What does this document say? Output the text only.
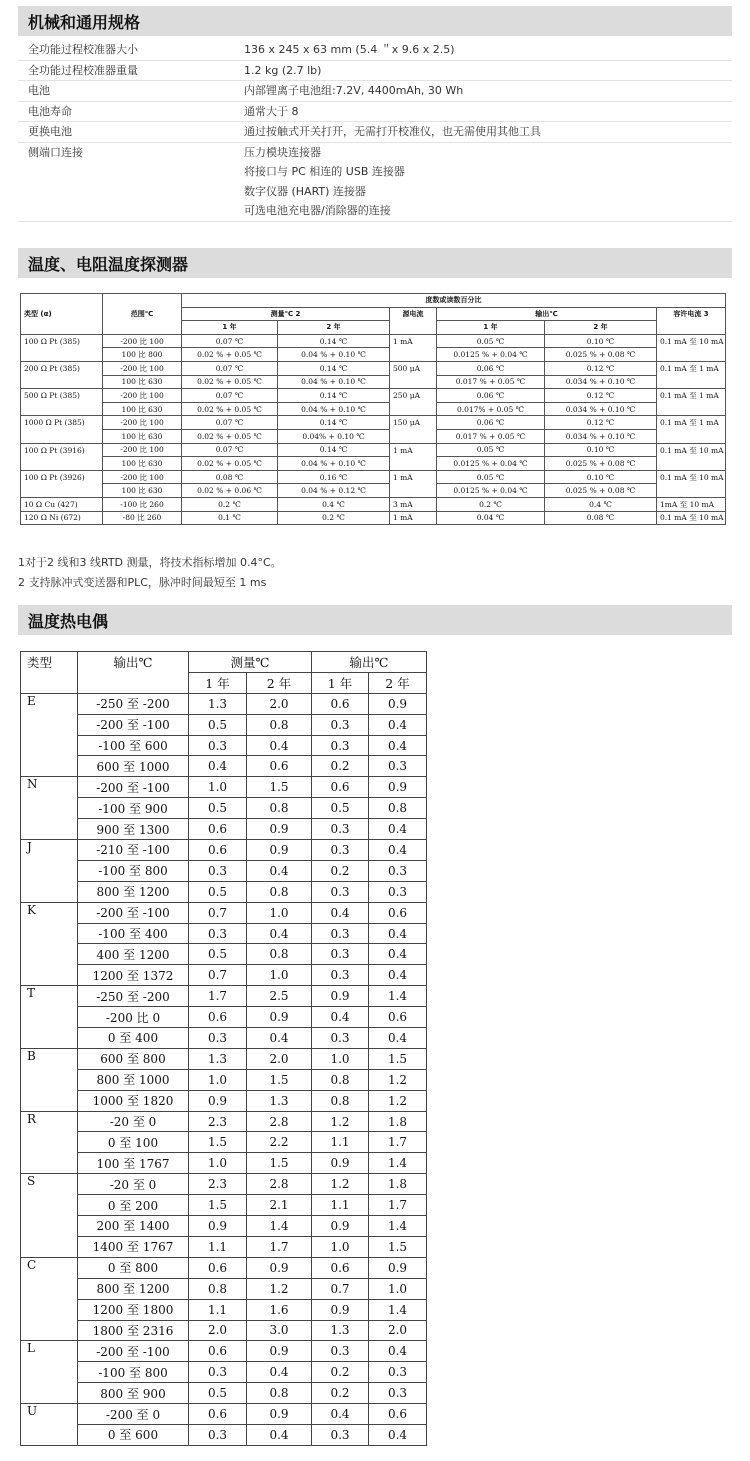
机械和通用规格
全功能过程校准器大小	136 x 245 x 63 mm (5.4 ＂x 9.6 x 2.5)
全功能过程校准器重量	1.2 kg (2.7 lb)
电池	内部锂离子电池组:7.2V, 4400mAh, 30 Wh
电池寿命	通常大于 8
更换电池	通过按触式开关打开，无需打开校准仪，也无需使用其他工具
侧端口连接	压力模块连接器
将接口与 PC 相连的 USB 连接器
数字仪器 (HART) 连接器
可选电池充电器/消除器的连接
温度、电阻温度探测器
		度数或读数百分比					
类型 (α)	范围℃	测量℃ 2		源电流	输出℃		容许电流 3
		1 年	2 年		1 年	2 年	
100 Ω Pt (385)	-200 比 100	0.07 ℃	0.14 ℃	1 mA	0.05 ℃	0.10 ℃	0.1 mA 至 10 mA
	100 比 800	0.02 % + 0.05 ℃	0.04 % + 0.10 ℃		0.0125 % + 0.04 ℃	0.025 % + 0.08 ℃	
200 Ω Pt (385)	-200 比 100	0.07 ℃	0.14 ℃	500 μA	0.06 ℃	0.12 ℃	0.1 mA 至 1 mA
	100 比 630	0.02 % + 0.05 ℃	0.04 % + 0.10 ℃		0.017 % + 0.05 ℃	0.034 % + 0.10 ℃	
500 Ω Pt (385)	-200 比 100	0.07 ℃	0.14 ℃	250 μA	0.06 ℃	0.12 ℃	0.1 mA 至 1 mA
	100 比 630	0.02 % + 0.05 ℃	0.04 % + 0.10 ℃		0.017% + 0.05 ℃	0.034 % + 0.10 ℃	
1000 Ω Pt (385)	-200 比 100	0.07 ℃	0.14 ℃	150 μA	0.06 ℃	0.12 ℃	0.1 mA 至 1 mA
	100 比 630	0.02 % + 0.05 ℃	0.04% + 0.10 ℃		0.017 % + 0.05 ℃	0.034 % + 0.10 ℃	
100 Ω Pt (3916)	-200 比 100	0.07 ℃	0.14 ℃	1 mA	0.05 ℃	0.10 ℃	0.1 mA 至 10 mA
	100 比 630	0.02 % + 0.05 ℃	0.04 % + 0.10 ℃		0.0125 % + 0.04 ℃	0.025 % + 0.08 ℃	
100 Ω Pt (3926)	-200 比 100	0.08 ℃	0.16 ℃	1 mA	0.05 ℃	0.10 ℃	0.1 mA 至 10 mA
	100 比 630	0.02 % + 0.06 ℃	0.04 % + 0.12 ℃		0.0125 % + 0.04 ℃	0.025 % + 0.08 ℃	
10 Ω Cu (427)	-100 比 260	0.2 ℃	0.4 ℃	3 mA	0.2 ℃	0.4 ℃	1mA 至 10 mA
120 Ω Ni (672)	-80 比 260	0.1 ℃	0.2 ℃	1 mA	0.04 ℃	0.08 ℃	0.1 mA 至 10 mA
1对于2 线和3 线RTD 测量，将技术指标增加 0.4°C。
2 支持脉冲式变送器和PLC，脉冲时间最短至 1 ms
温度热电偶
类型	输出℃	测量℃		输出℃	
		1 年	2 年	1 年	2 年
E	-250 至 -200	1.3	2.0	0.6	0.9
	-200 至 -100	0.5	0.8	0.3	0.4
	-100 至 600	0.3	0.4	0.3	0.4
	600 至 1000	0.4	0.6	0.2	0.3
N	-200 至 -100	1.0	1.5	0.6	0.9
	-100 至 900	0.5	0.8	0.5	0.8
	900 至 1300	0.6	0.9	0.3	0.4
J	-210 至 -100	0.6	0.9	0.3	0.4
	-100 至 800	0.3	0.4	0.2	0.3
	800 至 1200	0.5	0.8	0.3	0.3
K	-200 至 -100	0.7	1.0	0.4	0.6
	-100 至 400	0.3	0.4	0.3	0.4
	400 至 1200	0.5	0.8	0.3	0.4
	1200 至 1372	0.7	1.0	0.3	0.4
T	-250 至 -200	1.7	2.5	0.9	1.4
	-200 比 0	0.6	0.9	0.4	0.6
	0 至 400	0.3	0.4	0.3	0.4
B	600 至 800	1.3	2.0	1.0	1.5
	800 至 1000	1.0	1.5	0.8	1.2
	1000 至 1820	0.9	1.3	0.8	1.2
R	-20 至 0	2.3	2.8	1.2	1.8
	0 至 100	1.5	2.2	1.1	1.7
	100 至 1767	1.0	1.5	0.9	1.4
S	-20 至 0	2.3	2.8	1.2	1.8
	0 至 200	1.5	2.1	1.1	1.7
	200 至 1400	0.9	1.4	0.9	1.4
	1400 至 1767	1.1	1.7	1.0	1.5
C	0 至 800	0.6	0.9	0.6	0.9
	800 至 1200	0.8	1.2	0.7	1.0
	1200 至 1800	1.1	1.6	0.9	1.4
	1800 至 2316	2.0	3.0	1.3	2.0
L	-200 至 -100	0.6	0.9	0.3	0.4
	-100 至 800	0.3	0.4	0.2	0.3
	800 至 900	0.5	0.8	0.2	0.3
U	-200 至 0	0.6	0.9	0.4	0.6
	0 至 600	0.3	0.4	0.3	0.4
